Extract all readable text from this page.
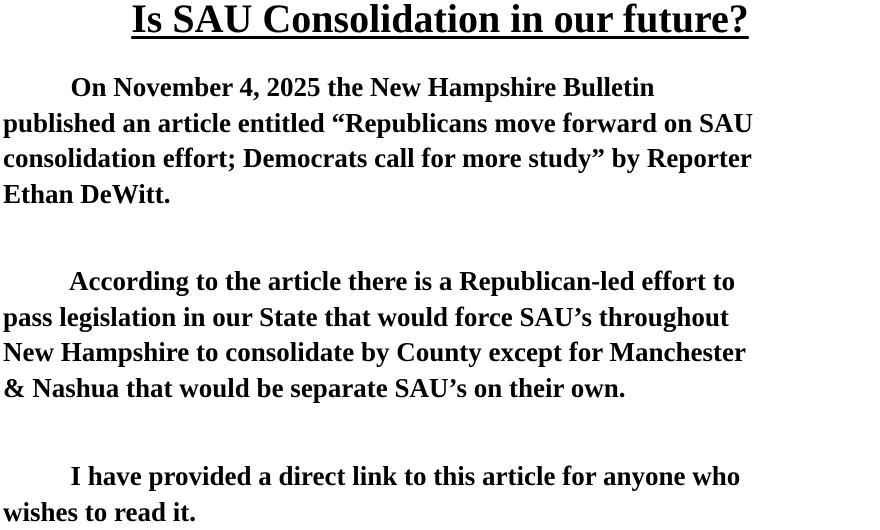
Is SAU Consolidation in our future?

On November 4, 2025 the New Hampshire Bulletin
published an article entitled “Republicans move forward on SAU
consolidation effort; Democrats call for more study” by Reporter
Ethan DeWitt.

According to the article there is a Republican-led effort to
pass legislation in our State that would force SAU’s throughout
New Hampshire to consolidate by County except for Manchester
& Nashua that would be separate SAU’s on their own.

I have provided a direct link to this article for anyone who
wishes to read it.
